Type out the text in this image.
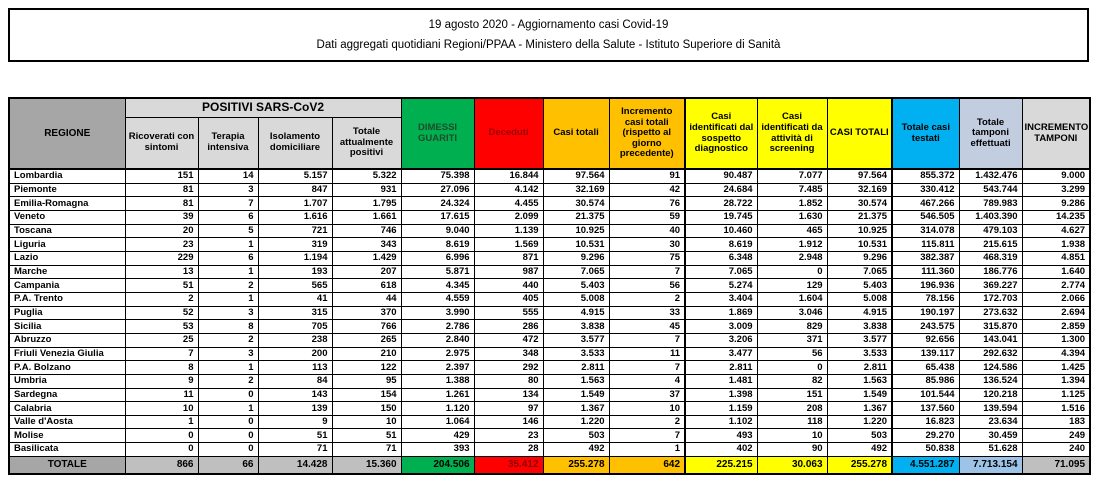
19 agosto 2020 - Aggiornamento casi Covid-19
Dati aggregati quotidiani Regioni/PPAA - Ministero della Salute - Istituto Superiore di Sanità
REGIONE	POSITIVI SARS-CoV2				DIMESSI GUARITI	Deceduti	Casi totali	Incremento casi totali (rispetto al giorno precedente)	Casi identificati dal sospetto diagnostico	Casi identificati da attività di screening	CASI TOTALI	Totale casi testati	Totale tamponi effettuati	INCREMENTO TAMPONI
	Ricoverati con sintomi	Terapia intensiva	Isolamento domiciliare	Totale attualmente positivi										
Lombardia	151	14	5.157	5.322	75.398	16.844	97.564	91	90.487	7.077	97.564	855.372	1.432.476	9.000
Piemonte	81	3	847	931	27.096	4.142	32.169	42	24.684	7.485	32.169	330.412	543.744	3.299
Emilia-Romagna	81	7	1.707	1.795	24.324	4.455	30.574	76	28.722	1.852	30.574	467.266	789.983	9.286
Veneto	39	6	1.616	1.661	17.615	2.099	21.375	59	19.745	1.630	21.375	546.505	1.403.390	14.235
Toscana	20	5	721	746	9.040	1.139	10.925	40	10.460	465	10.925	314.078	479.103	4.627
Liguria	23	1	319	343	8.619	1.569	10.531	30	8.619	1.912	10.531	115.811	215.615	1.938
Lazio	229	6	1.194	1.429	6.996	871	9.296	75	6.348	2.948	9.296	382.387	468.319	4.851
Marche	13	1	193	207	5.871	987	7.065	7	7.065	0	7.065	111.360	186.776	1.640
Campania	51	2	565	618	4.345	440	5.403	56	5.274	129	5.403	196.936	369.227	2.774
P.A. Trento	2	1	41	44	4.559	405	5.008	2	3.404	1.604	5.008	78.156	172.703	2.066
Puglia	52	3	315	370	3.990	555	4.915	33	1.869	3.046	4.915	190.197	273.632	2.694
Sicilia	53	8	705	766	2.786	286	3.838	45	3.009	829	3.838	243.575	315.870	2.859
Abruzzo	25	2	238	265	2.840	472	3.577	7	3.206	371	3.577	92.656	143.041	1.300
Friuli Venezia Giulia	7	3	200	210	2.975	348	3.533	11	3.477	56	3.533	139.117	292.632	4.394
P.A. Bolzano	8	1	113	122	2.397	292	2.811	7	2.811	0	2.811	65.438	124.586	1.425
Umbria	9	2	84	95	1.388	80	1.563	4	1.481	82	1.563	85.986	136.524	1.394
Sardegna	11	0	143	154	1.261	134	1.549	37	1.398	151	1.549	101.544	120.218	1.125
Calabria	10	1	139	150	1.120	97	1.367	10	1.159	208	1.367	137.560	139.594	1.516
Valle d'Aosta	1	0	9	10	1.064	146	1.220	2	1.102	118	1.220	16.823	23.634	183
Molise	0	0	51	51	429	23	503	7	493	10	503	29.270	30.459	249
Basilicata	0	0	71	71	393	28	492	1	402	90	492	50.838	51.628	240
TOTALE	866	66	14.428	15.360	204.506	35.412	255.278	642	225.215	30.063	255.278	4.551.287	7.713.154	71.095
